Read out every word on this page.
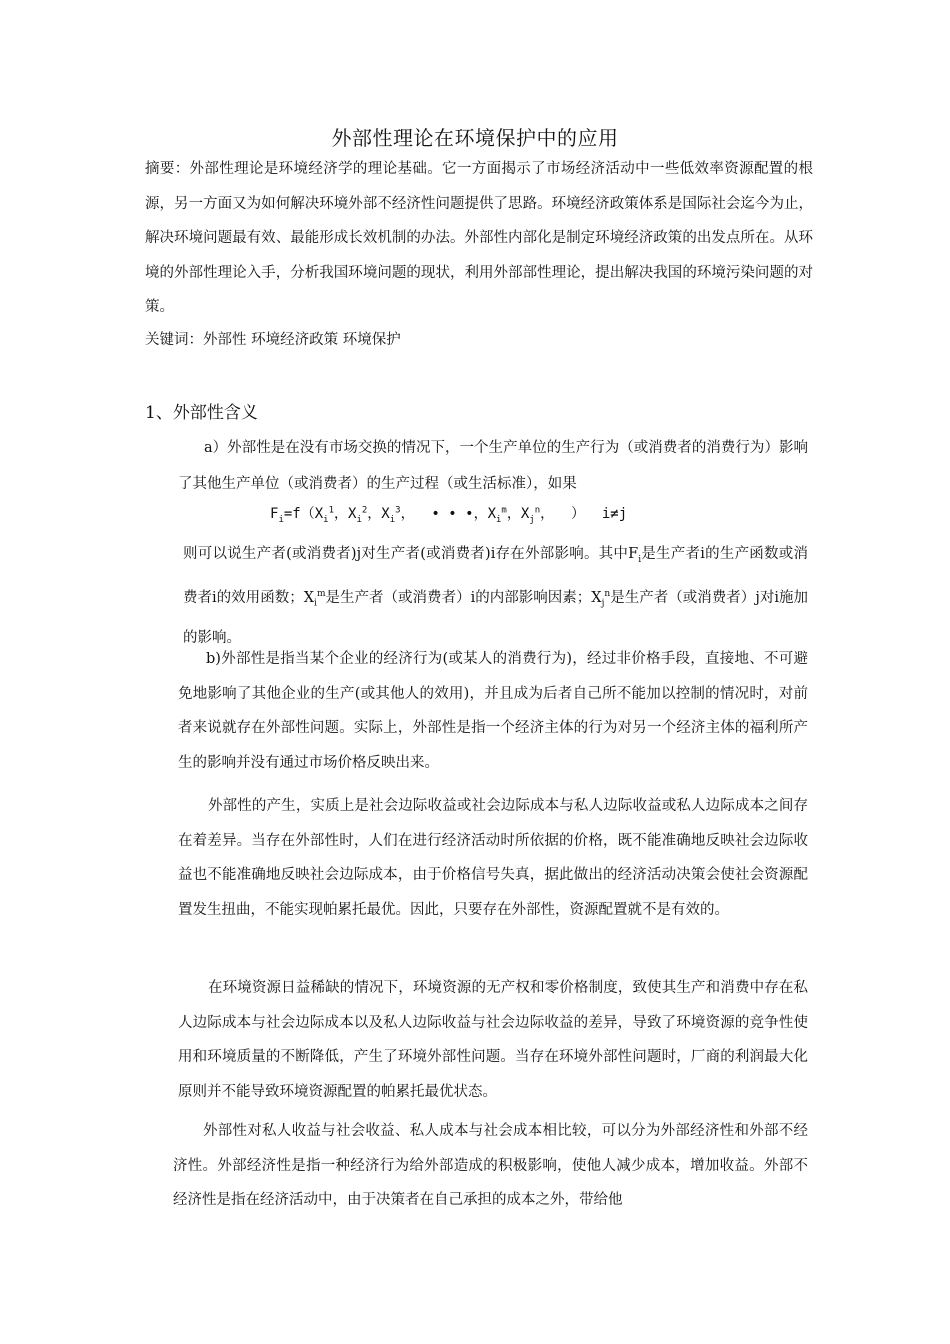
外部性理论在环境保护中的应用

摘要：外部性理论是环境经济学的理论基础。它一方面揭示了市场经济活动中一些低效率资源配置的根源，另一方面又为如何解决环境外部不经济性问题提供了思路。环境经济政策体系是国际社会迄今为止，解决环境问题最有效、最能形成长效机制的办法。外部性内部化是制定环境经济政策的出发点所在。从环境的外部性理论入手，分析我国环境问题的现状，利用外部部性理论，提出解决我国的环境污染问题的对策。

关键词：外部性 环境经济政策 环境保护

1、外部性含义

a）外部性是在没有市场交换的情况下，一个生产单位的生产行为（或消费者的消费行为）影响了其他生产单位（或消费者）的生产过程（或生活标准），如果

$F_i=f(X_i^1$，$X_i^2$，$X_i^3$，  • • •，$X_i^m$，$X_j^n$，  ）  i≠j

则可以说生产者(或消费者)j对生产者(或消费者)i存在外部影响。其中$F_i$是生产者i的生产函数或消费者i的效用函数；$X_i^m$是生产者（或消费者）i的内部影响因素；$X_j^n$是生产者（或消费者）j对i施加的影响。

b)外部性是指当某个企业的经济行为(或某人的消费行为)，经过非价格手段，直接地、不可避免地影响了其他企业的生产(或其他人的效用)，并且成为后者自己所不能加以控制的情况时，对前者来说就存在外部性问题。实际上，外部性是指一个经济主体的行为对另一个经济主体的福利所产生的影响并没有通过市场价格反映出来。

外部性的产生，实质上是社会边际收益或社会边际成本与私人边际收益或私人边际成本之间存在着差异。当存在外部性时，人们在进行经济活动时所依据的价格，既不能准确地反映社会边际收益也不能准确地反映社会边际成本，由于价格信号失真，据此做出的经济活动决策会使社会资源配置发生扭曲，不能实现帕累托最优。因此，只要存在外部性，资源配置就不是有效的。

在环境资源日益稀缺的情况下，环境资源的无产权和零价格制度，致使其生产和消费中存在私人边际成本与社会边际成本以及私人边际收益与社会边际收益的差异，导致了环境资源的竞争性使用和环境质量的不断降低，产生了环境外部性问题。当存在环境外部性问题时，厂商的利润最大化原则并不能导致环境资源配置的帕累托最优状态。

外部性对私人收益与社会收益、私人成本与社会成本相比较，可以分为外部经济性和外部不经济性。外部经济性是指一种经济行为给外部造成的积极影响，使他人减少成本，增加收益。外部不经济性是指在经济活动中，由于决策者在自己承担的成本之外，带给他
